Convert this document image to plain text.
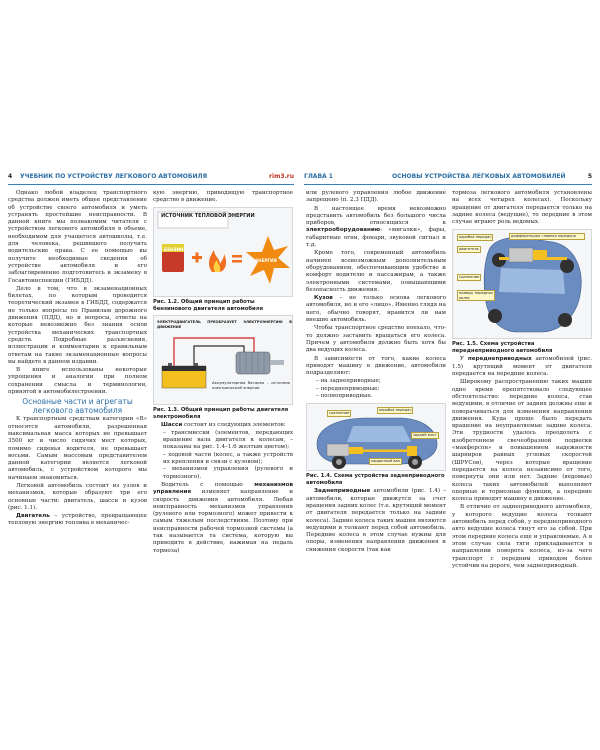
4 УЧЕБНИК ПО УСТРОЙСТВУ ЛЕГКОВОГО АВТОМОБИЛЯ	rim3.ru

Однако любой владелец транспортного средства должен иметь общее представление об устройстве своего автомобиля и уметь устранять простейшие неисправности. В данной книге мы познакомим читателя с устройством легкового автомобиля в объеме, необходимом для учащегося автошколы, т.е. для человека, решившего получить водительские права. С ее помощью вы получите необходимые сведения об устройстве автомобиля и его заблаговременно подготовитесь к экзамену в Госавтоинспекции (ГИБДД).

Дело в том, что в экзаменационных билетах, по которым проводится теоретический экзамен в ГИБДД, содержатся не только вопросы по Правилам дорожного движения (ПДД), но и вопросы, ответы на которые невозможно без знания основ устройства механических транспортных средств. Подробные разъяснения, иллюстрации и комментарии к правильным ответам на такие экзаменационные вопросы вы найдете в данном издании.

В книге использованы некоторые упрощения и аналогии при полном сохранении смысла и терминологии, принятой в автомобилестроении.

Основные части и агрегаты легкового автомобиля

К транспортным средствам категории «В» относятся автомобили, разрешенная максимальная масса которых не превышает 3500 кг и число сидячих мест которых, помимо сиденья водителя, не превышает восьми. Самым массовым представителем данной категории является легковой автомобиль, с устройством которого мы начинаем знакомиться.

Легковой автомобиль состоит из узлов и механизмов, которые образуют три его основные части: двигатель, шасси и кузов (рис. 1.1).

Двигатель – устройство, превращающее тепловую энергию топлива в механичес-

кую энергию, приводящую транспортное средство в движение.

ИСТОЧНИК ТЕПЛОВОЙ ЭНЕРГИИ
БЕНЗИН
ЭНЕРГИЯ

Рис. 1.2. Общий принцип работы бензинового двигателя автомобиля

ЭЛЕКТРОДВИГАТЕЛЬ ПРЕОБРАЗУЕТ ЭЛЕКТРОЭНЕРГИЮ В ДВИЖЕНИЕ
Аккумуляторная батарея – источник электрической энергии

Рис. 1.3. Общий принцип работы двигателя электромобиля

Шасси состоит из следующих элементов:

– трансмиссии (элементов, передающих вращение вала двигателя к колесам, – показаны на рис. 1.4–1.6 желтым цветом);
– ходовой части (колес, а также устройств их крепления и связи с кузовом);
– механизмов управления (рулевого и тормозного).

Водитель с помощью механизмов управления изменяет направление и скорость движения автомобиля. Любая неисправность механизмов управления (рулевого или тормозного) может привести к самым тяжелым последствиям. Поэтому при неисправности рабочей тормозной системы (а так называется та система, которую вы приводите в действие, нажимая на педаль тормоза)

ГЛАВА 1	ОСНОВЫ УСТРОЙСТВА ЛЕГКОВЫХ АВТОМОБИЛЕЙ	5

или рулевого управления любое движение запрещено (п. 2.3 ПДД).

В настоящее время невозможно представить автомобиль без большого числа приборов, относящихся к электрооборудованию: «мигалки», фары, габаритные огни, фонари, звуковой сигнал и т.д.

Кроме того, современный автомобиль начинен всевозможным дополнительным оборудованием, обеспечивающим удобство и комфорт водителю и пассажирам, а также электронными системами, повышающими безопасность движения.

Кузов – не только основа легкового автомобиля, но и его «лицо». Именно глядя на него, обычно говорят, нравится ли нам внешне автомобиль.

Чтобы транспортное средство поехало, что-то должно заставить вращаться его колеса. Причем у автомобиля должно быть хотя бы два ведущих колеса.

В зависимости от того, какие колеса приводят машину в движение, автомобили подразделяют:

– на заднеприводные;
– переднеприводные;
– полноприводные.
сцепление
коробка передач
карданный вал
задний мост

Рис. 1.4. Схема устройства заднеприводного автомобиля

Заднеприводные автомобили (рис. 1.4) – автомобили, которые движутся за счет вращения задних колес (т.е. крутящий момент от двигателя передается только на задние колеса). Задние колеса таких машин являются ведущими и толкают перед собой автомобиль. Передние колеса в этом случае нужны для опоры, изменения направления движения и снижения скорости (так как

тормоза легкового автомобиля установлены на всех четырех колесах). Поскольку вращение от двигателя передается только на задние колеса (ведущие), то передние в этом случае играют роль ведомых.

коробка передач	дифференциал главная передача
двигатель
сцепление
привод передних колес

Рис. 1.5. Схема устройства переднеприводного автомобиля

У переднеприводных автомобилей (рис. 1.5) крутящий момент от двигателя передается на передние колеса.

Широкому распространению таких машин одно время препятствовало следующее обстоятельство: передние колеса, став ведущими, в отличие от задних должны еще и поворачиваться для изменения направления движения. Куда проще было передать вращение на неуправляемые задние колеса. Эти трудности удалось преодолеть с изобретением свечеобразной подвески «макферсон» и повышением надежности шарниров равных угловых скоростей (ШРУСов), через которые вращение передается на колеса независимо от того, повернуты они или нет. Задние (ведомые) колеса таких автомобилей выполняют опорные и тормозные функции, а передние колеса приводят машину в движение.

В отличие от заднеприводного автомобиля, у которого ведущие колеса толкают автомобиль перед собой, у переднеприводного авто ведущие колеса тянут его за собой. При этом передние колеса еще и управляемые. А в этом случае сила тяги прикладывается в направлении поворота колеса, из-за чего транспорт с передним приводом более устойчив на дороге, чем заднеприводный.
